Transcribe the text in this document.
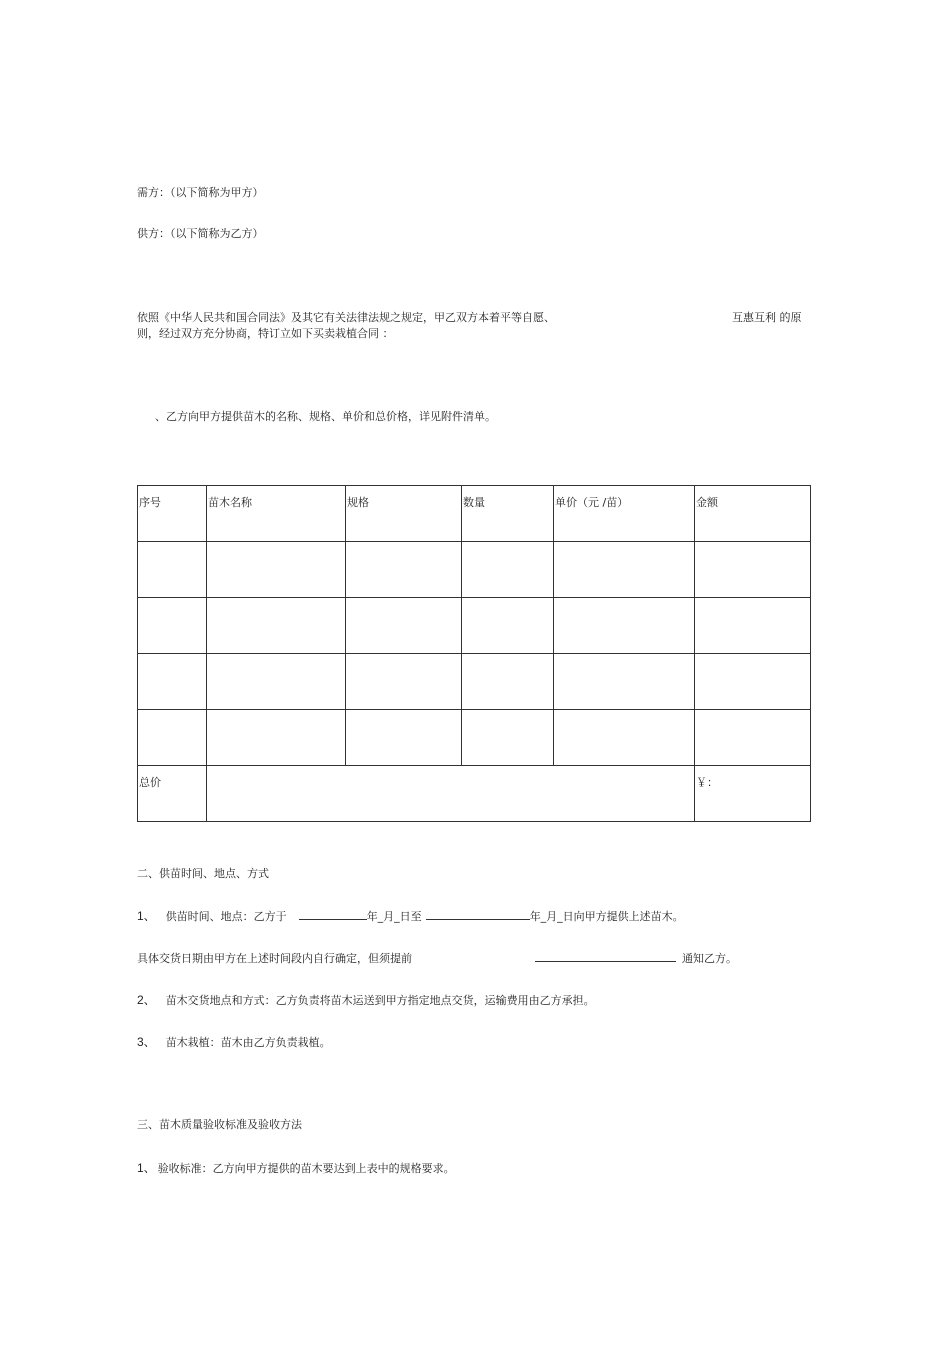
需方：（以下简称为甲方）
供方：（以下简称为乙方）
依照《中华人民共和国合同法》及其它有关法律法规之规定，甲乙双方本着平等自愿、	互惠互利 的原
则，经过双方充分协商，特订立如下买卖栽植合同 ：
、乙方向甲方提供苗木的名称、规格、单价和总价格，详见附件清单。
序号	苗木名称	规格	数量	单价（元 /苗）	金额

总价					￥：
二、供苗时间、地点、方式
1、 供苗时间、地点：乙方于	年_月_日至	年_月_日向甲方提供上述苗木。
具体交货日期由甲方在上述时间段内自行确定，但须提前	通知乙方。
2、 苗木交货地点和方式：乙方负责将苗木运送到甲方指定地点交货，运输费用由乙方承担。
3、 苗木栽植：苗木由乙方负责栽植。
三、苗木质量验收标准及验收方法
1、 验收标准：乙方向甲方提供的苗木要达到上表中的规格要求。
